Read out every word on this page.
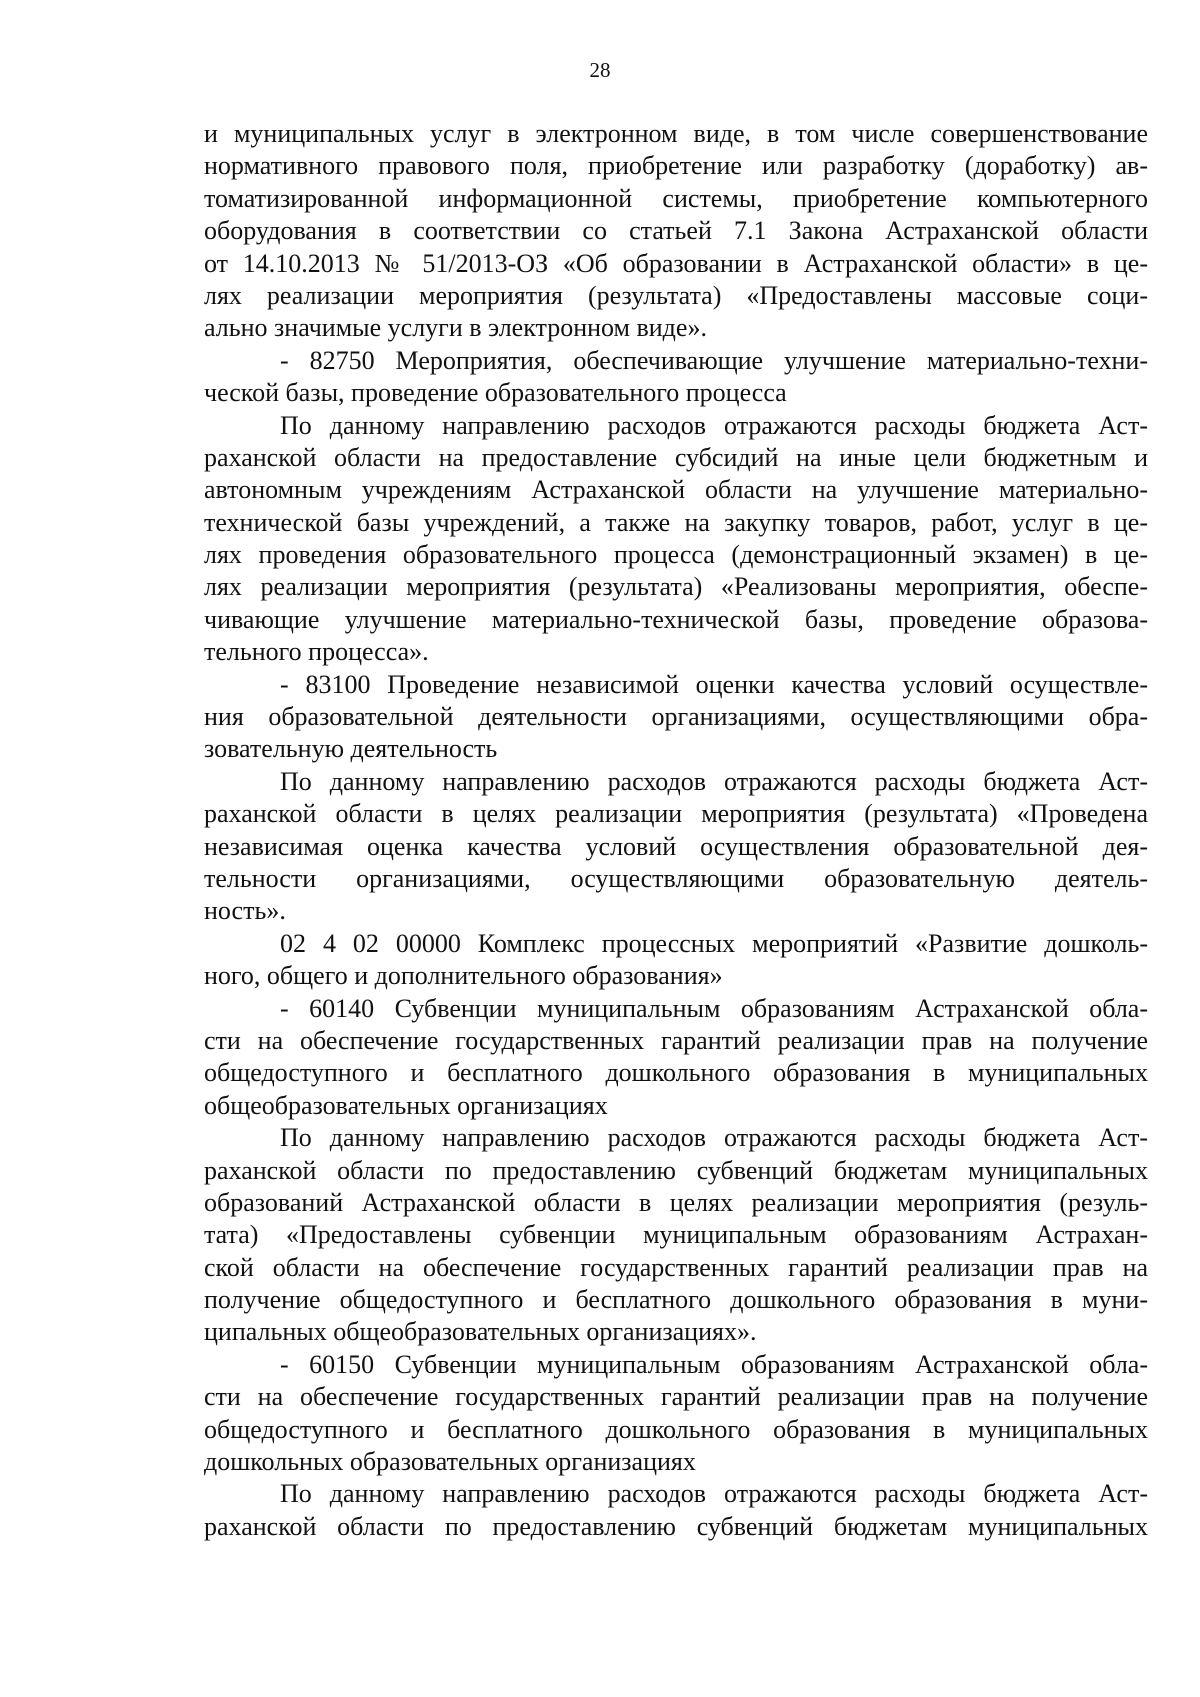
28
и муниципальных услуг в электронном виде, в том числе совершенствование
нормативного правового поля, приобретение или разработку (доработку) ав-
томатизированной информационной системы, приобретение компьютерного
оборудования в соответствии со статьей 7.1 Закона Астраханской области
от 14.10.2013 № 51/2013-ОЗ «Об образовании в Астраханской области» в це-
лях реализации мероприятия (результата) «Предоставлены массовые соци-
ально значимые услуги в электронном виде».
- 82750 Мероприятия, обеспечивающие улучшение материально-техни-
ческой базы, проведение образовательного процесса
По данному направлению расходов отражаются расходы бюджета Аст-
раханской области на предоставление субсидий на иные цели бюджетным и
автономным учреждениям Астраханской области на улучшение материально-
технической базы учреждений, а также на закупку товаров, работ, услуг в це-
лях проведения образовательного процесса (демонстрационный экзамен) в це-
лях реализации мероприятия (результата) «Реализованы мероприятия, обеспе-
чивающие улучшение материально-технической базы, проведение образова-
тельного процесса».
- 83100 Проведение независимой оценки качества условий осуществле-
ния образовательной деятельности организациями, осуществляющими обра-
зовательную деятельность
По данному направлению расходов отражаются расходы бюджета Аст-
раханской области в целях реализации мероприятия (результата) «Проведена
независимая оценка качества условий осуществления образовательной дея-
тельности организациями, осуществляющими образовательную деятель-
ность».
02 4 02 00000 Комплекс процессных мероприятий «Развитие дошколь-
ного, общего и дополнительного образования»
- 60140 Субвенции муниципальным образованиям Астраханской обла-
сти на обеспечение государственных гарантий реализации прав на получение
общедоступного и бесплатного дошкольного образования в муниципальных
общеобразовательных организациях
По данному направлению расходов отражаются расходы бюджета Аст-
раханской области по предоставлению субвенций бюджетам муниципальных
образований Астраханской области в целях реализации мероприятия (резуль-
тата) «Предоставлены субвенции муниципальным образованиям Астрахан-
ской области на обеспечение государственных гарантий реализации прав на
получение общедоступного и бесплатного дошкольного образования в муни-
ципальных общеобразовательных организациях».
- 60150 Субвенции муниципальным образованиям Астраханской обла-
сти на обеспечение государственных гарантий реализации прав на получение
общедоступного и бесплатного дошкольного образования в муниципальных
дошкольных образовательных организациях
По данному направлению расходов отражаются расходы бюджета Аст-
раханской области по предоставлению субвенций бюджетам муниципальных
